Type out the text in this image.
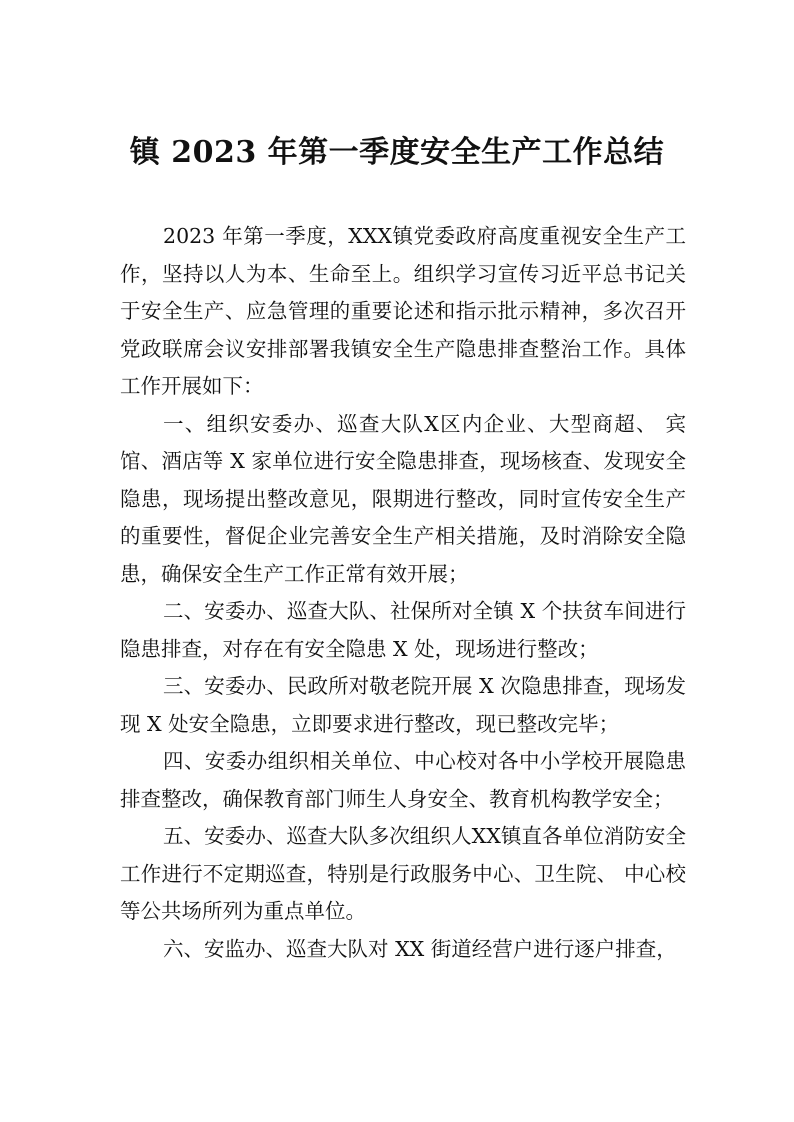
镇 2023 年第一季度安全生产工作总结

2023 年第一季度，XXX镇党委政府高度重视安全生产工作，坚持以人为本、生命至上。组织学习宣传习近平总书记关于安全生产、应急管理的重要论述和指示批示精神，多次召开党政联席会议安排部署我镇安全生产隐患排查整治工作。具体工作开展如下：

一、组织安委办、巡查大队X区内企业、大型商超、 宾馆、酒店等 X 家单位进行安全隐患排查，现场核查、发现安全隐患，现场提出整改意见，限期进行整改，同时宣传安全生产的重要性，督促企业完善安全生产相关措施，及时消除安全隐患，确保安全生产工作正常有效开展；

二、安委办、巡查大队、社保所对全镇 X 个扶贫车间进行隐患排查，对存在有安全隐患 X 处，现场进行整改；

三、安委办、民政所对敬老院开展 X 次隐患排查，现场发现 X 处安全隐患，立即要求进行整改，现已整改完毕；

四、安委办组织相关单位、中心校对各中小学校开展隐患排查整改，确保教育部门师生人身安全、教育机构教学安全；

五、安委办、巡查大队多次组织人XX镇直各单位消防安全工作进行不定期巡查，特别是行政服务中心、卫生院、 中心校等公共场所列为重点单位。

六、安监办、巡查大队对 XX 街道经营户进行逐户排查，
